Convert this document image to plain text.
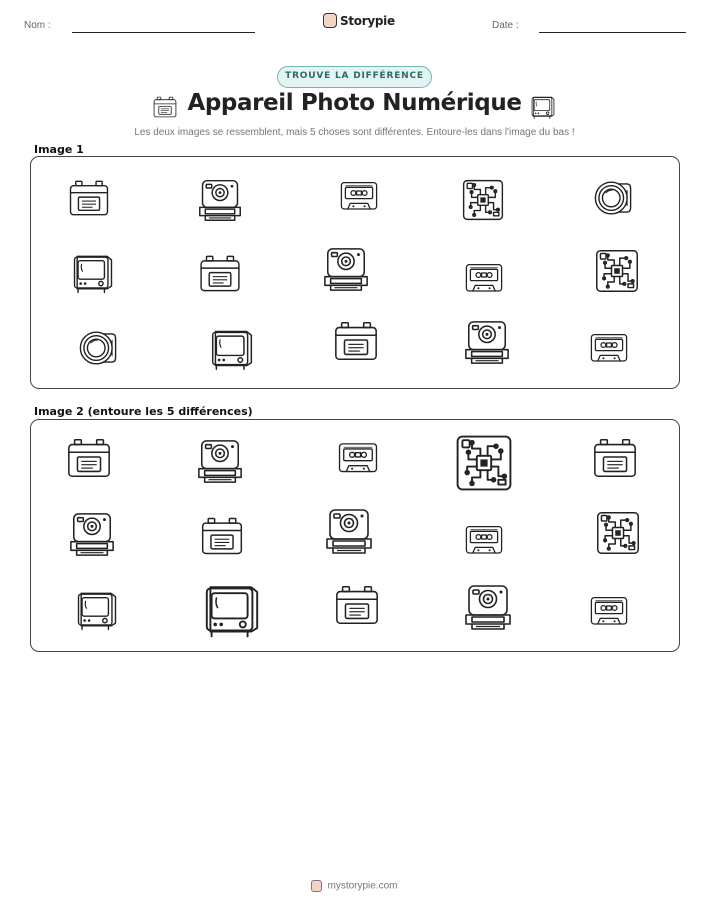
Nom :	Storypie	Date :
TROUVE LA DIFFÉRENCE
Appareil Photo Numérique
Les deux images se ressemblent, mais 5 choses sont différentes. Entoure-les dans l'image du bas !
Image 1
Image 2 (entoure les 5 différences)
mystorypie.com
